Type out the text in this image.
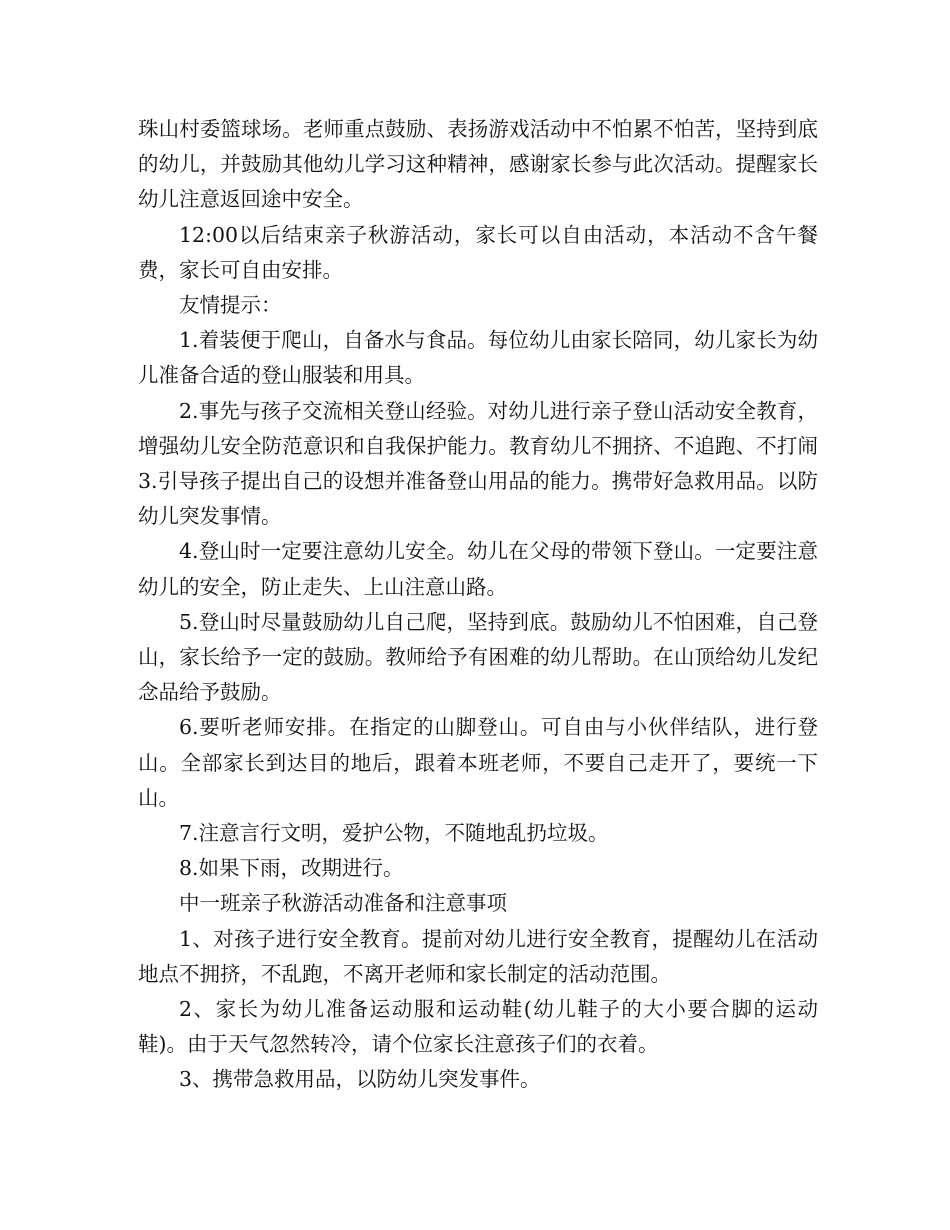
珠山村委篮球场。老师重点鼓励、表扬游戏活动中不怕累不怕苦，坚持到底的幼儿，并鼓励其他幼儿学习这种精神，感谢家长参与此次活动。提醒家长幼儿注意返回途中安全。

12:00以后结束亲子秋游活动，家长可以自由活动，本活动不含午餐费，家长可自由安排。

友情提示：

1.着装便于爬山，自备水与食品。每位幼儿由家长陪同，幼儿家长为幼儿准备合适的登山服装和用具。

2.事先与孩子交流相关登山经验。对幼儿进行亲子登山活动安全教育，增强幼儿安全防范意识和自我保护能力。教育幼儿不拥挤、不追跑、不打闹3.引导孩子提出自己的设想并准备登山用品的能力。携带好急救用品。以防幼儿突发事情。

4.登山时一定要注意幼儿安全。幼儿在父母的带领下登山。一定要注意幼儿的安全，防止走失、上山注意山路。

5.登山时尽量鼓励幼儿自己爬，坚持到底。鼓励幼儿不怕困难，自己登山，家长给予一定的鼓励。教师给予有困难的幼儿帮助。在山顶给幼儿发纪念品给予鼓励。

6.要听老师安排。在指定的山脚登山。可自由与小伙伴结队，进行登山。全部家长到达目的地后，跟着本班老师，不要自己走开了，要统一下山。

7.注意言行文明，爱护公物，不随地乱扔垃圾。

8.如果下雨，改期进行。

中一班亲子秋游活动准备和注意事项

1、对孩子进行安全教育。提前对幼儿进行安全教育，提醒幼儿在活动地点不拥挤，不乱跑，不离开老师和家长制定的活动范围。

2、家长为幼儿准备运动服和运动鞋(幼儿鞋子的大小要合脚的运动鞋)。由于天气忽然转冷，请个位家长注意孩子们的衣着。

3、携带急救用品，以防幼儿突发事件。
